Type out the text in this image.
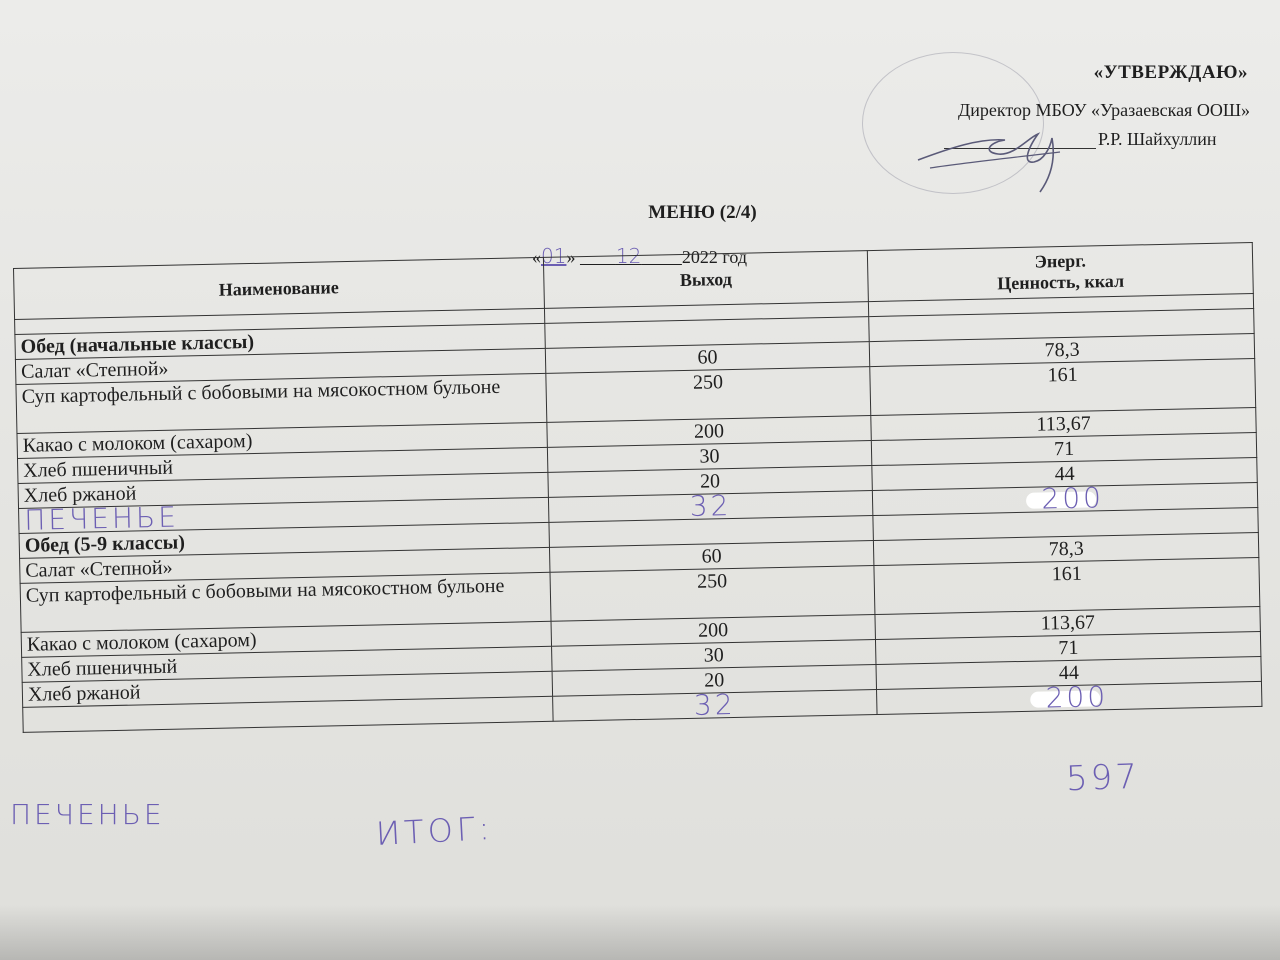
«УТВЕРЖДАЮ»
Директор МБОУ «Уразаевская ООШ»
Р.Р. Шайхуллин
МЕНЮ (2/4)
«01» 12 2022 год
Наименование	Выход	Энерг.
Ценность, ккал

Обед (начальные классы)		
Салат «Степной»	60	78,3
Суп картофельный с бобовыми на мясокостном бульоне	250	161
Какао с молоком (сахаром)	200	113,67
Хлеб пшеничный	30	71
Хлеб ржаной	20	44
ПЕЧЕНЬЕ	32	200
Обед (5-9 классы)		
Салат «Степной»	60	78,3
Суп картофельный с бобовыми на мясокостном бульоне	250	161
Какао с молоком (сахаром)	200	113,67
Хлеб пшеничный	30	71
Хлеб ржаной	20	44
	32	200
ПЕЧЕНЬЕ
597
ИТОГ:
